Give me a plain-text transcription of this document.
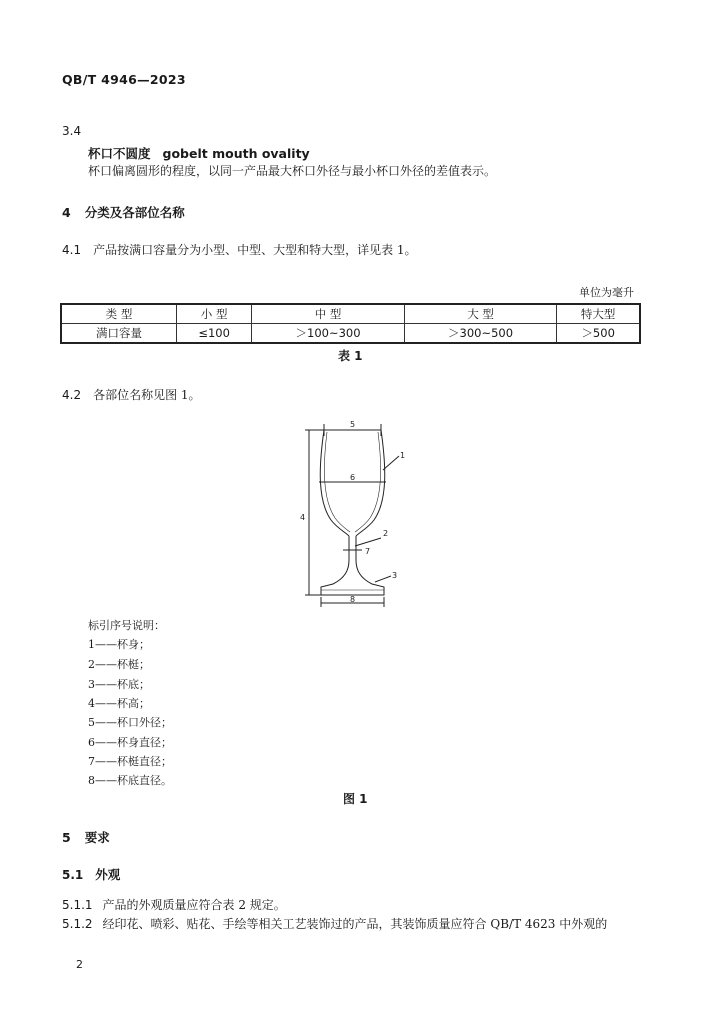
QB/T 4946—2023
3.4
杯口不圆度 gobelt mouth ovality
杯口偏离圆形的程度，以同一产品最大杯口外径与最小杯口外径的差值表示。
4 分类及各部位名称
4.1 产品按满口容量分为小型、中型、大型和特大型，详见表 1。
单位为毫升
类 型	小 型	中 型	大 型	特大型
满口容量	≤100	＞100~300	＞300~500	＞500
表 1
4.2 各部位名称见图 1。
5
1
6
4
2
7
3
8
标引序号说明：
1——杯身；
2——杯梃；
3——杯底；
4——杯高；
5——杯口外径；
6——杯身直径；
7——杯梃直径；
8——杯底直径。
图 1
5 要求
5.1 外观
5.1.1 产品的外观质量应符合表 2 规定。
5.1.2 经印花、喷彩、贴花、手绘等相关工艺装饰过的产品，其装饰质量应符合 QB/T 4623 中外观的
2
